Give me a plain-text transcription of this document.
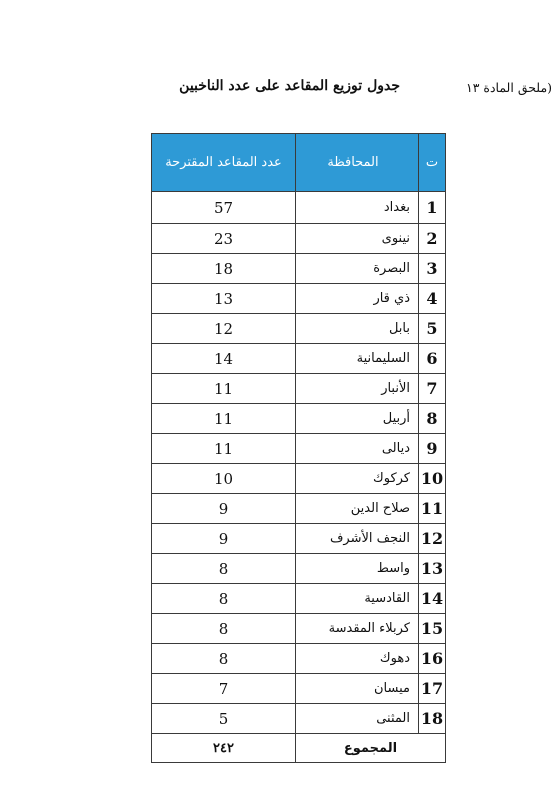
(ملحق المادة ١٣
جدول توزيع المقاعد على عدد الناخبين
ت	المحافظة	عدد المقاعد المقترحة
1	بغداد	57
2	نينوى	23
3	البصرة	18
4	ذي قار	13
5	بابل	12
6	السليمانية	14
7	الأنبار	11
8	أربيل	11
9	ديالى	11
10	كركوك	10
11	صلاح الدين	9
12	النجف الأشرف	9
13	واسط	8
14	القادسية	8
15	كربلاء المقدسة	8
16	دهوك	8
17	ميسان	7
18	المثنى	5
المجموع		٢٤٢
